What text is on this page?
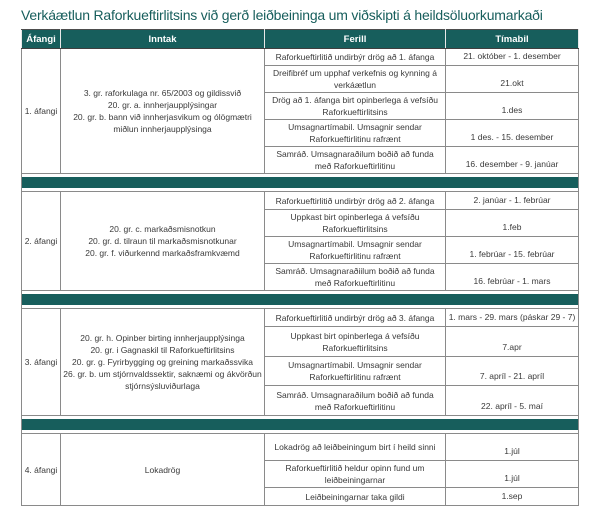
Verkáætlun Raforkueftirlitsins við gerð leiðbeininga um viðskipti á heildsöluorkumarkaði
Áfangi	Inntak	Ferill	Tímabil
1. áfangi	3. gr. raforkulaga nr. 65/2003 og gildissvið
20. gr. a. innherjaupplýsingar
20. gr. b. bann við innherjasvikum og ólögmætri miðlun innherjaupplýsinga	Raforkueftirlitið undirbýr drög að 1. áfanga	21. október - 1. desember
		Dreifibréf um upphaf verkefnis og kynning á verkáætlun	21.okt
		Drög að 1. áfanga birt opinberlega á vefsíðu Raforkueftirlitsins	1.des
		Umsagnartímabil. Umsagnir sendar Raforkueftirlitinu rafrænt	1 des. - 15. desember
		Samráð. Umsagnaraðilum boðið að funda með Raforkueftirlitinu	16. desember - 9. janúar

2. áfangi	20. gr. c. markaðsmisnotkun
20. gr. d. tilraun til markaðsmisnotkunar
20. gr. f. viðurkennd markaðsframkvæmd	Raforkueftirlitið undirbýr drög að 2. áfanga	2. janúar - 1. febrúar
		Uppkast birt opinberlega á vefsíðu Raforkueftirlitsins	1.feb
		Umsagnartímabil. Umsagnir sendar Raforkueftirlitinu rafrænt	1. febrúar - 15. febrúar
		Samráð. Umsagnaraðiilum boðið að funda með Raforkueftirlitinu	16. febrúar - 1. mars

3. áfangi	20. gr. h. Opinber birting innherjaupplýsinga
20. gr. i Gagnaskil til Raforkueftirlitsins
20. gr. g. Fyrirbygging og greining markaðssvika
26. gr. b. um stjórnvaldssektir, saknæmi og ákvörðun stjórnsýsluviðurlaga	Raforkueftirlitið undirbýr drög að 3. áfanga	1. mars - 29. mars (páskar 29 - 7)
		Uppkast birt opinberlega á vefsíðu Raforkueftirlitsins	7.apr
		Umsagnartímabil. Umsagnir sendar Raforkueftirlitinu rafrænt	7. apríl - 21. apríl
		Samráð. Umsagnaraðilum boðið að funda með Raforkueftirlitinu	22. apríl - 5. maí

4. áfangi	Lokadrög	Lokadrög að leiðbeiningum birt í heild sinni	1.júl
		Raforkueftirlitið heldur opinn fund um leiðbeiningarnar	1.júl
		Leiðbeiningarnar taka gildi	1.sep
